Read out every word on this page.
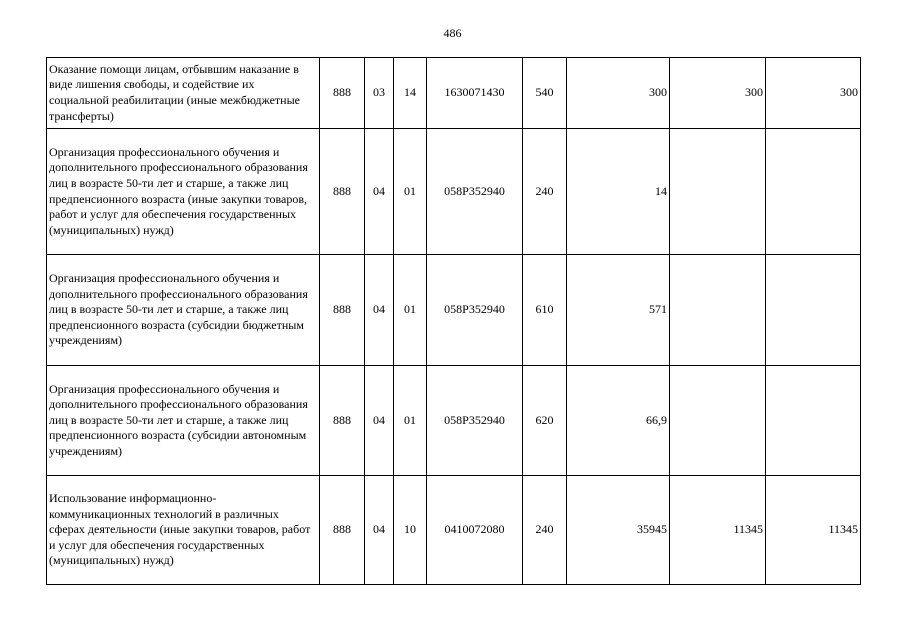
486
Оказание помощи лицам, отбывшим наказание в виде лишения свободы, и содействие их социальной реабилитации (иные межбюджетные трансферты)	888	03	14	1630071430	540	300	300	300
Организация профессионального обучения и дополнительного профессионального образования лиц в возрасте 50-ти лет и старше, а также лиц предпенсионного возраста (иные закупки товаров, работ и услуг для обеспечения государственных (муниципальных) нужд)	888	04	01	058P352940	240	14		
Организация профессионального обучения и дополнительного профессионального образования лиц в возрасте 50-ти лет и старше, а также лиц предпенсионного возраста (субсидии бюджетным учреждениям)	888	04	01	058P352940	610	571		
Организация профессионального обучения и дополнительного профессионального образования лиц в возрасте 50-ти лет и старше, а также лиц предпенсионного возраста (субсидии автономным учреждениям)	888	04	01	058P352940	620	66,9		
Использование информационно-коммуникационных технологий в различных сферах деятельности (иные закупки товаров, работ и услуг для обеспечения государственных (муниципальных) нужд)	888	04	10	0410072080	240	35945	11345	11345
